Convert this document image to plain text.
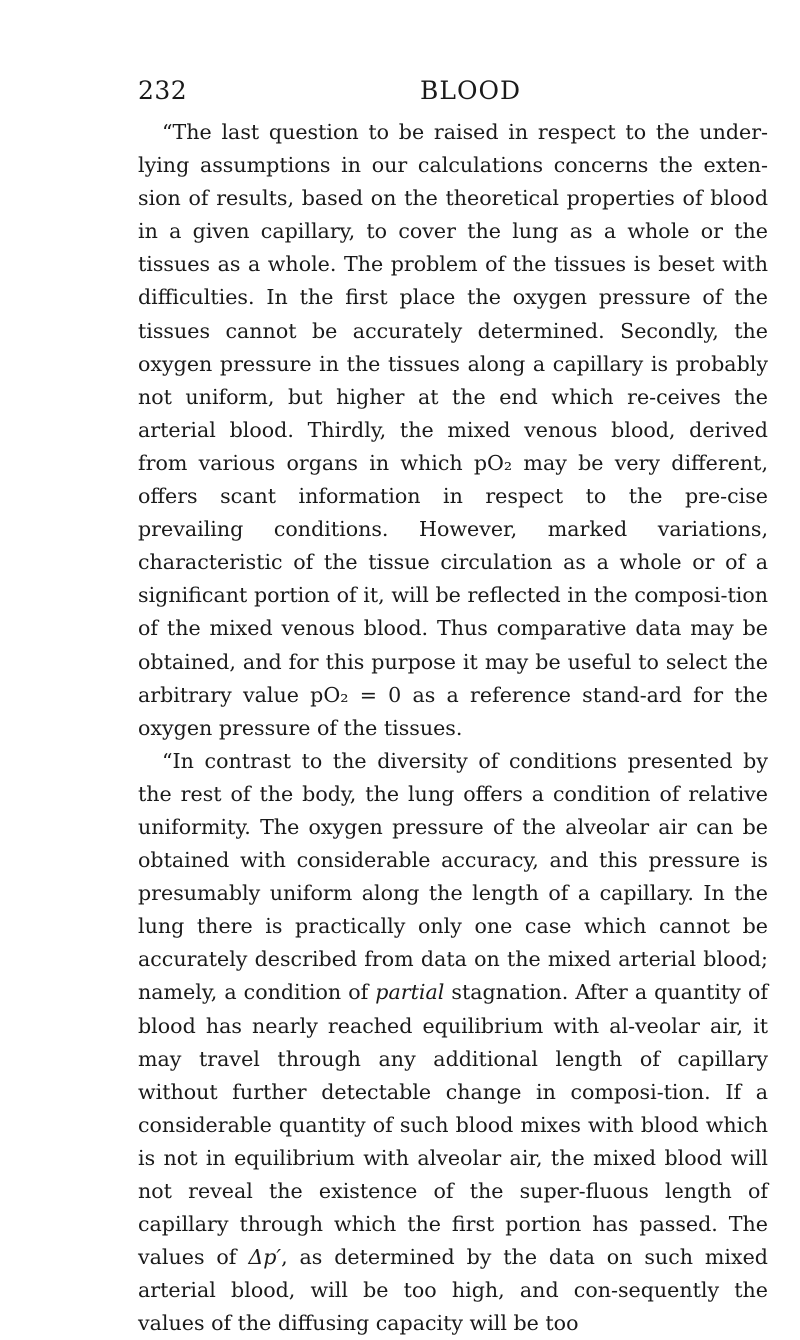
232	BLOOD

“The last question to be raised in respect to the under-lying assumptions in our calculations concerns the exten-sion of results, based on the theoretical properties of blood in a given capillary, to cover the lung as a whole or the tissues as a whole. The problem of the tissues is beset with difficulties. In the first place the oxygen pressure of the tissues cannot be accurately determined. Secondly, the oxygen pressure in the tissues along a capillary is probably not uniform, but higher at the end which re-ceives the arterial blood. Thirdly, the mixed venous blood, derived from various organs in which pO₂ may be very different, offers scant information in respect to the pre-cise prevailing conditions. However, marked variations, characteristic of the tissue circulation as a whole or of a significant portion of it, will be reflected in the composi-tion of the mixed venous blood. Thus comparative data may be obtained, and for this purpose it may be useful to select the arbitrary value pO₂ = 0 as a reference stand-ard for the oxygen pressure of the tissues.

“In contrast to the diversity of conditions presented by the rest of the body, the lung offers a condition of relative uniformity. The oxygen pressure of the alveolar air can be obtained with considerable accuracy, and this pressure is presumably uniform along the length of a capillary. In the lung there is practically only one case which cannot be accurately described from data on the mixed arterial blood; namely, a condition of partial stagnation. After a quantity of blood has nearly reached equilibrium with al-veolar air, it may travel through any additional length of capillary without further detectable change in composi-tion. If a considerable quantity of such blood mixes with blood which is not in equilibrium with alveolar air, the mixed blood will not reveal the existence of the super-fluous length of capillary through which the first portion has passed. The values of Δp′, as determined by the data on such mixed arterial blood, will be too high, and con-sequently the values of the diffusing capacity will be too
